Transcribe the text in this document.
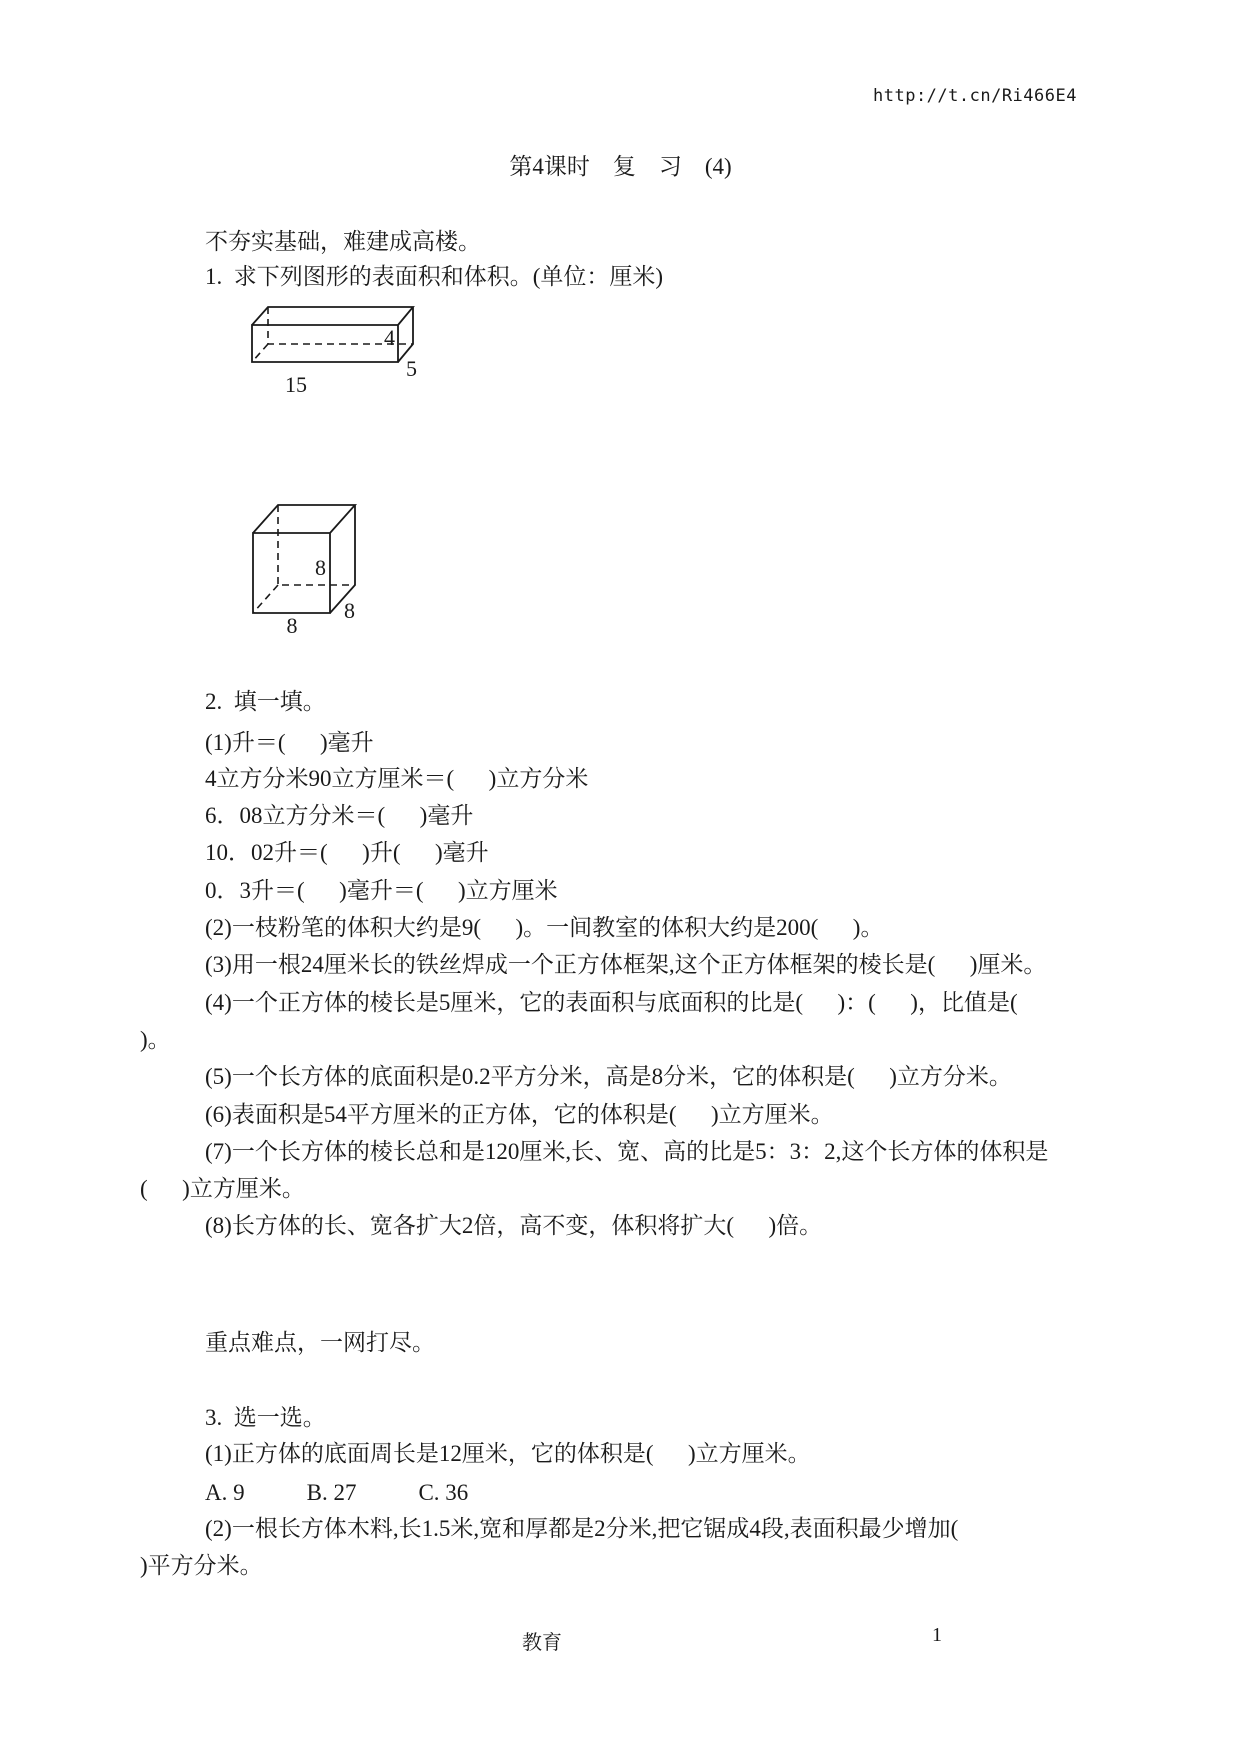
http://t.cn/Ri466E4
第4课时　复　习　(4)
不夯实基础，难建成高楼。
1.  求下列图形的表面积和体积。(单位：厘米)
4
5
15
8
8
8
2.  填一填。
(1)升＝(      )毫升
4立方分米90立方厘米＝(      )立方分米
6．08立方分米＝(      )毫升
10．02升＝(      )升(      )毫升
0．3升＝(      )毫升＝(      )立方厘米
(2)一枝粉笔的体积大约是9(      )。一间教室的体积大约是200(      )。
(3)用一根24厘米长的铁丝焊成一个正方体框架,这个正方体框架的棱长是(      )厘米。
(4)一个正方体的棱长是5厘米，它的表面积与底面积的比是(      )：(      )，比值是(
)。
(5)一个长方体的底面积是0.2平方分米，高是8分米，它的体积是(      )立方分米。
(6)表面积是54平方厘米的正方体，它的体积是(      )立方厘米。
(7)一个长方体的棱长总和是120厘米,长、宽、高的比是5：3：2,这个长方体的体积是
(      )立方厘米。
(8)长方体的长、宽各扩大2倍，高不变，体积将扩大(      )倍。
重点难点，一网打尽。
3.  选一选。
(1)正方体的底面周长是12厘米，它的体积是(      )立方厘米。
A. 9	B. 27	C. 36
(2)一根长方体木料,长1.5米,宽和厚都是2分米,把它锯成4段,表面积最少增加(
)平方分米。
教育	1
